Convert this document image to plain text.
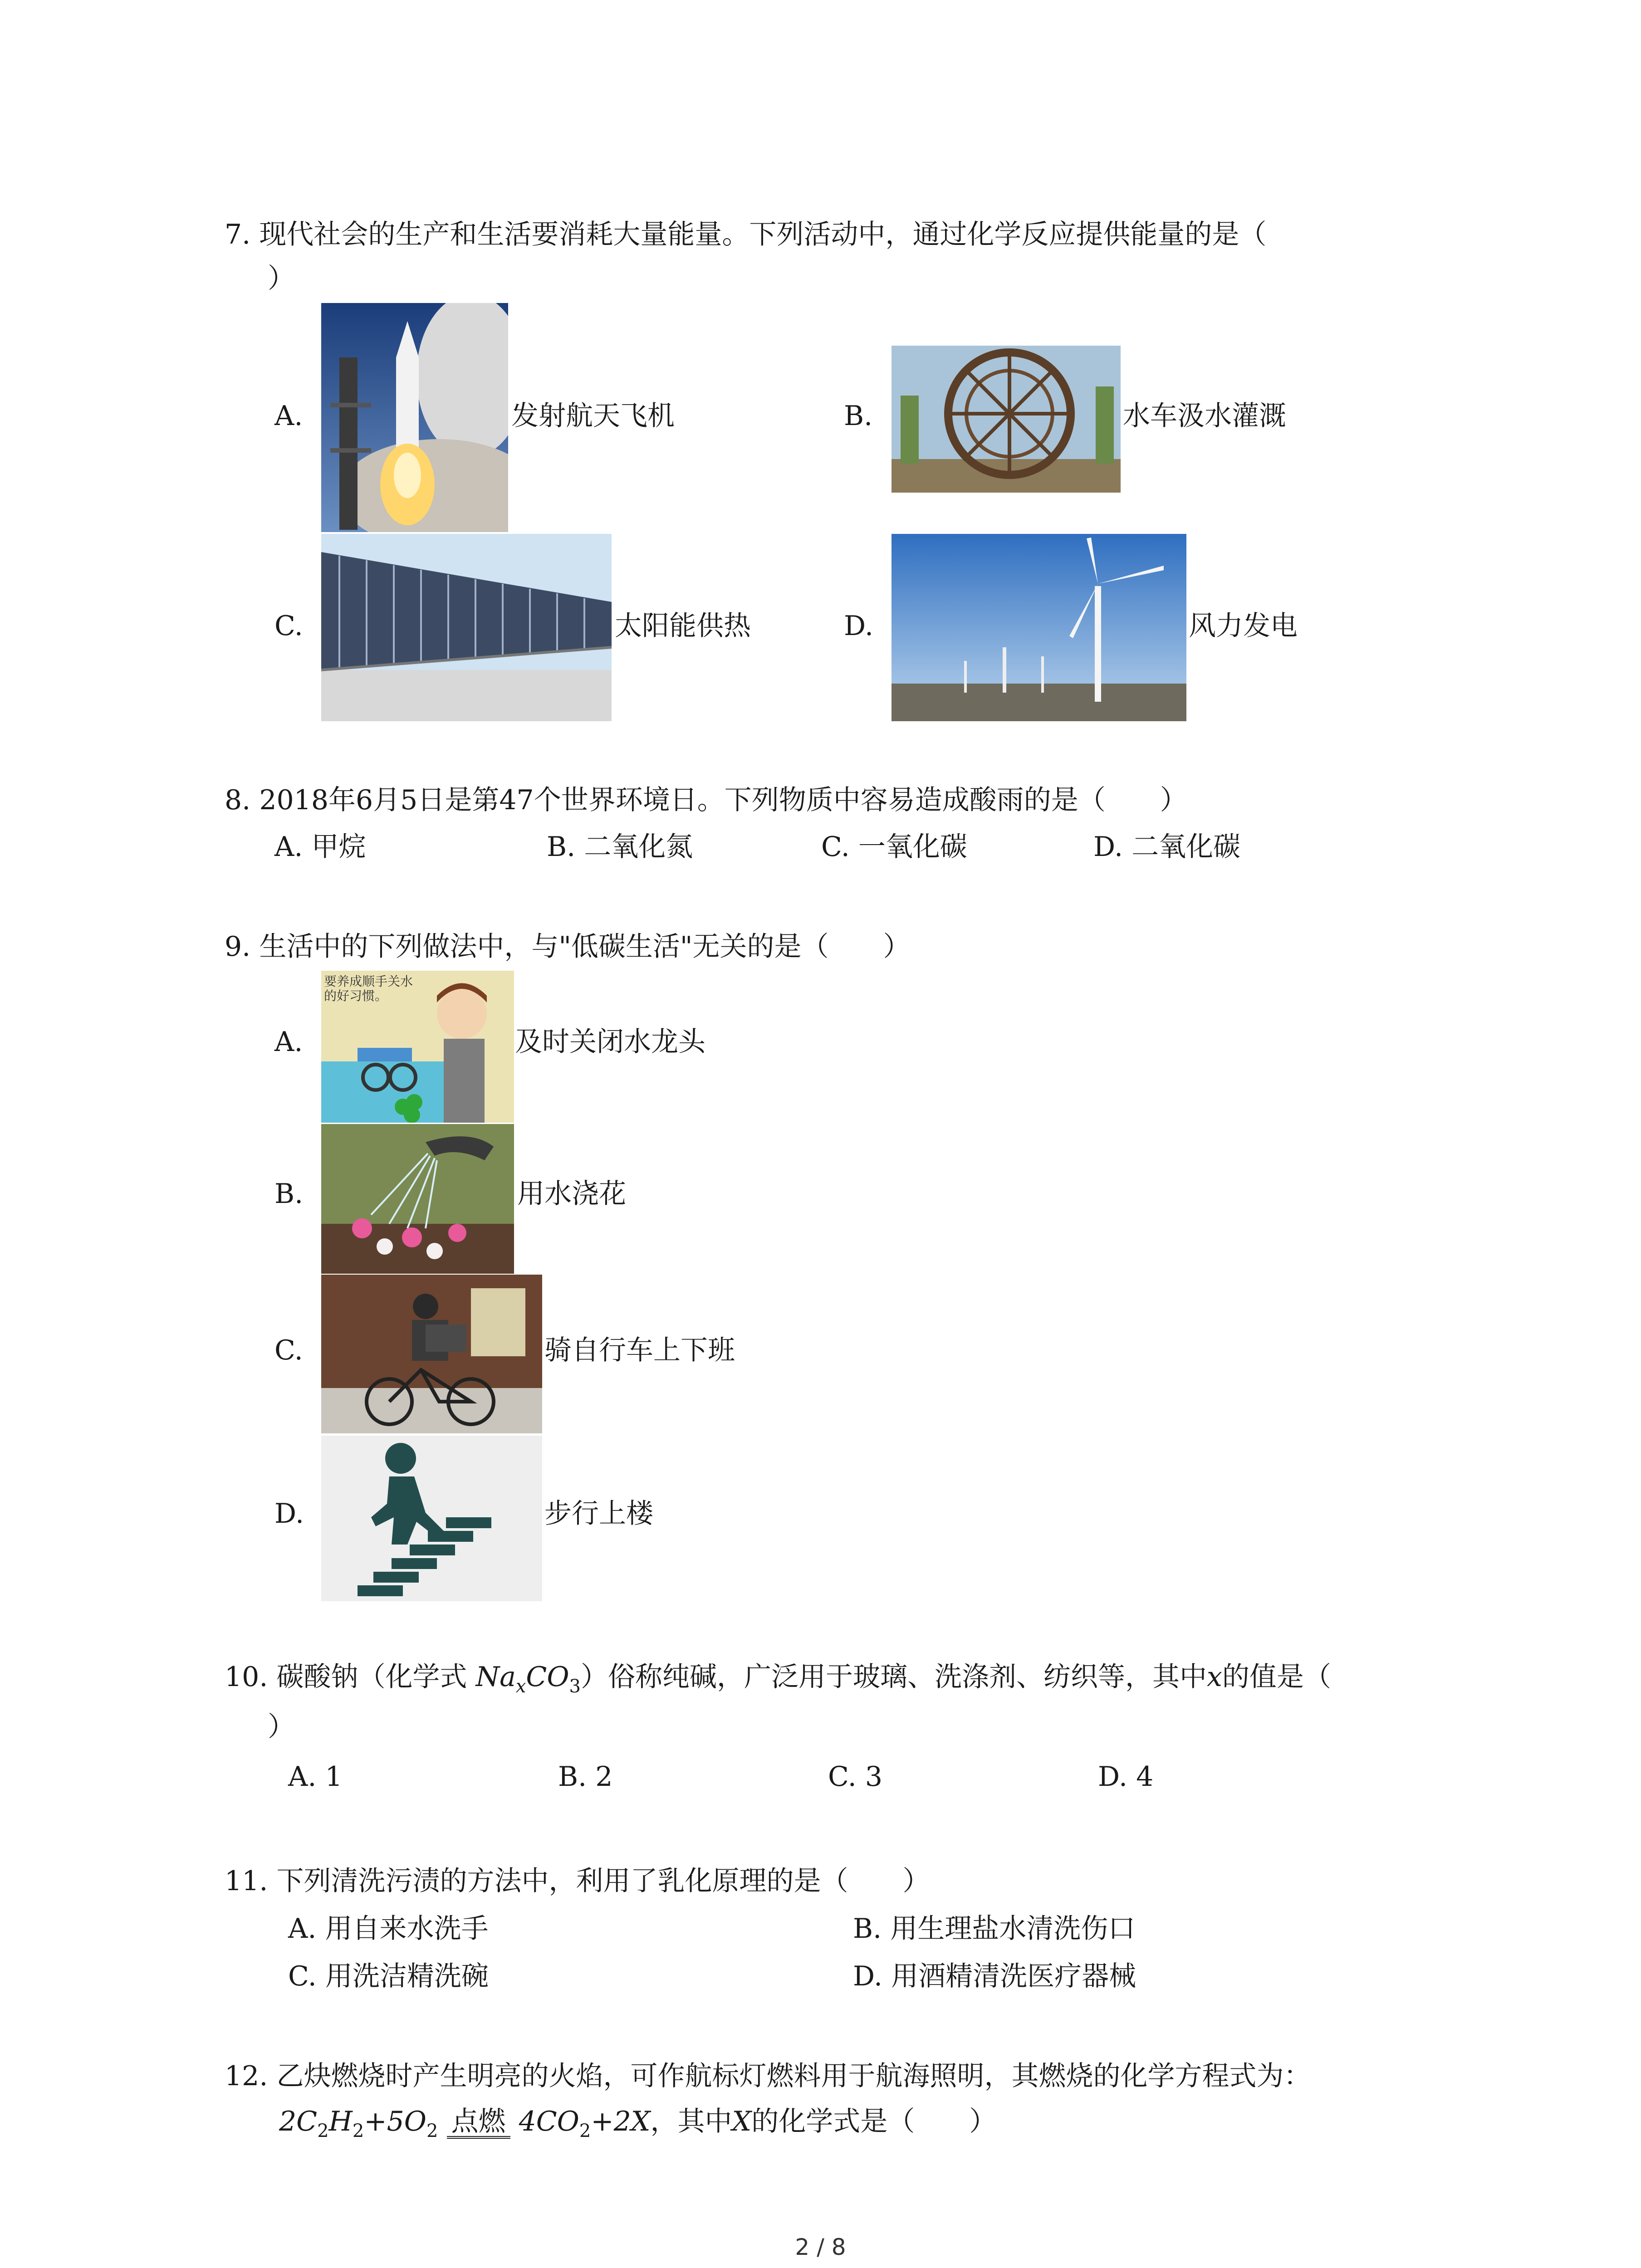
7. 现代社会的生产和生活要消耗大量能量。下列活动中，通过化学反应提供能量的是（
）
A.	发射航天飞机	B.	水车汲水灌溉
C.	太阳能供热	D.	风力发电
8. 2018年6月5日是第47个世界环境日。下列物质中容易造成酸雨的是（　　）
A. 甲烷	B. 二氧化氮	C. 一氧化碳	D. 二氧化碳
9. 生活中的下列做法中，与"低碳生活"无关的是（　　）
A.
要养成顺手关水
的好习惯。
及时关闭水龙头
B.	用水浇花
C.	骑自行车上下班
D.	步行上楼
10. 碳酸钠（化学式 $Na_xCO_3$）俗称纯碱，广泛用于玻璃、洗涤剂、纺织等，其中x的值是（
）
A. 1	B. 2	C. 3	D. 4
11. 下列清洗污渍的方法中，利用了乳化原理的是（　　）
A. 用自来水洗手	B. 用生理盐水清洗伤口
C. 用洗洁精洗碗	D. 用酒精清洗医疗器械
12. 乙炔燃烧时产生明亮的火焰，可作航标灯燃料用于航海照明，其燃烧的化学方程式为：
$2C_2H_2+5O_2$ 点燃 $4CO_2+2X$，其中X的化学式是（　　）
2 / 8
